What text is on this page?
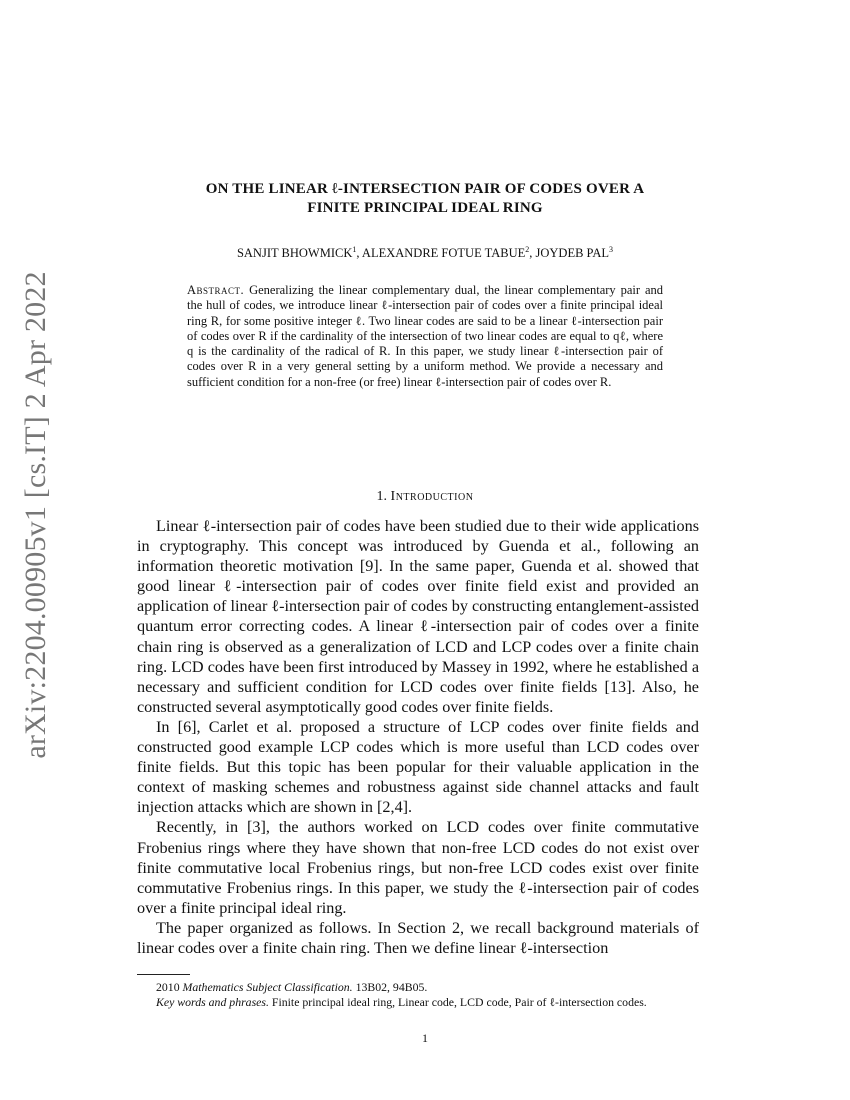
arXiv:2204.00905v1 [cs.IT] 2 Apr 2022
ON THE LINEAR ℓ-INTERSECTION PAIR OF CODES OVER A
FINITE PRINCIPAL IDEAL RING
SANJIT BHOWMICK$^1$, ALEXANDRE FOTUE TABUE$^2$, JOYDEB PAL$^3$
Abstract. Generalizing the linear complementary dual, the linear complementary pair and the hull of codes, we introduce linear ℓ-intersection pair of codes over a finite principal ideal ring R, for some positive integer ℓ. Two linear codes are said to be a linear ℓ-intersection pair of codes over R if the cardinality of the intersection of two linear codes are equal to qℓ, where q is the cardinality of the radical of R. In this paper, we study linear ℓ-intersection pair of codes over R in a very general setting by a uniform method. We provide a necessary and sufficient condition for a non-free (or free) linear ℓ-intersection pair of codes over R.
1. Introduction

Linear ℓ-intersection pair of codes have been studied due to their wide applications in cryptography. This concept was introduced by Guenda et al., following an information theoretic motivation [9]. In the same paper, Guenda et al. showed that good linear ℓ-intersection pair of codes over finite field exist and provided an application of linear ℓ-intersection pair of codes by constructing entanglement-assisted quantum error correcting codes. A linear ℓ-intersection pair of codes over a finite chain ring is observed as a generalization of LCD and LCP codes over a finite chain ring. LCD codes have been first introduced by Massey in 1992, where he established a necessary and sufficient condition for LCD codes over finite fields [13]. Also, he constructed several asymptotically good codes over finite fields.

In [6], Carlet et al. proposed a structure of LCP codes over finite fields and constructed good example LCP codes which is more useful than LCD codes over finite fields. But this topic has been popular for their valuable application in the context of masking schemes and robustness against side channel attacks and fault injection attacks which are shown in [2,4].

Recently, in [3], the authors worked on LCD codes over finite commutative Frobenius rings where they have shown that non-free LCD codes do not exist over finite commutative local Frobenius rings, but non-free LCD codes exist over finite commutative Frobenius rings. In this paper, we study the ℓ-intersection pair of codes over a finite principal ideal ring.

The paper organized as follows. In Section 2, we recall background materials of linear codes over a finite chain ring. Then we define linear ℓ-intersection

2010 Mathematics Subject Classification. 13B02, 94B05.

Key words and phrases. Finite principal ideal ring, Linear code, LCD code, Pair of ℓ-intersection codes.

1
